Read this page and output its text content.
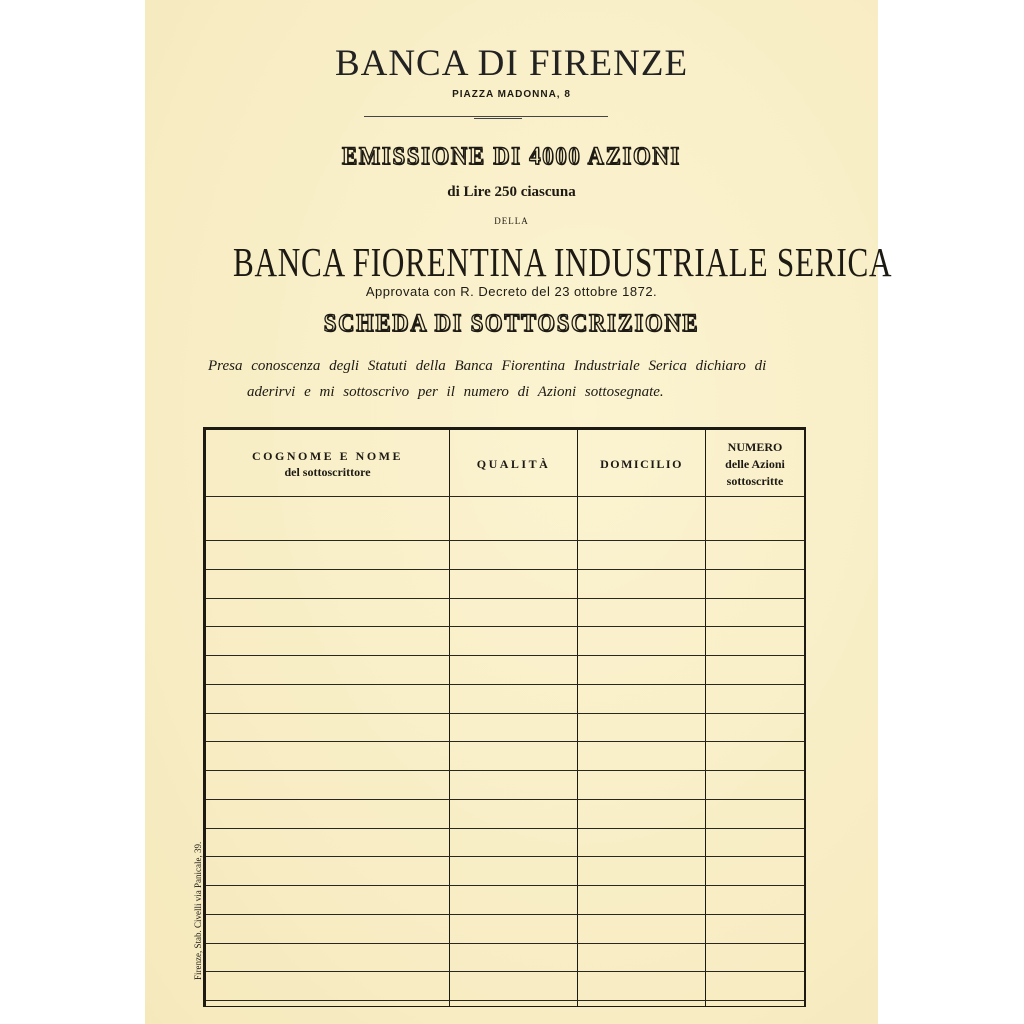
BANCA DI FIRENZE
PIAZZA MADONNA, 8
EMISSIONE DI 4000 AZIONI
di Lire 250 ciascuna
DELLA
BANCA FIORENTINA INDUSTRIALE SERICA
Approvata con R. Decreto del 23 ottobre 1872.
SCHEDA DI SOTTOSCRIZIONE
Presa conoscenza degli Statuti della Banca Fiorentina Industriale Serica dichiaro di
aderirvi e mi sottoscrivo per il numero di Azioni sottosegnate.
COGNOME E NOME
del sottoscrittore
QUALITÀ	DOMICILIO
NUMERO
delle Azioni
sottoscritte
Firenze, Stab. Civelli via Panicale, 39.
